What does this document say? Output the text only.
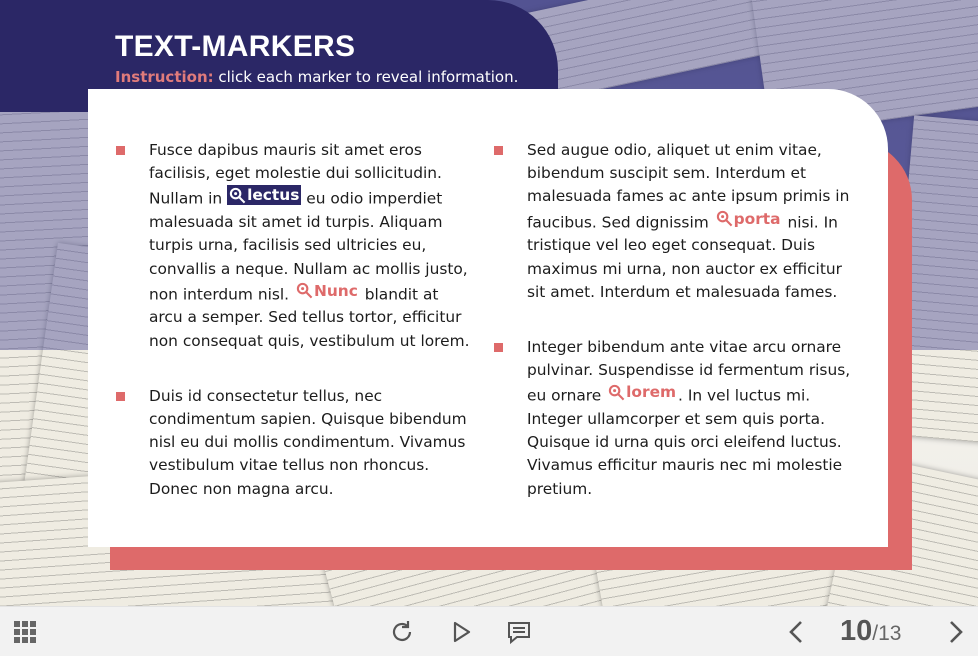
TEXT-MARKERS
Instruction: click each marker to reveal information.

Fusce dapibus mauris sit amet eros facilisis, eget molestie dui sollicitudin. Nullam in lectus eu odio imperdiet malesuada sit amet id turpis. Aliquam turpis urna, facilisis sed ultricies eu, convallis a neque. Nullam ac mollis justo, non interdum nisl. Nunc blandit at arcu a semper. Sed tellus tortor, efficitur non consequat quis, vestibulum ut lorem.

Duis id consectetur tellus, nec condimentum sapien. Quisque bibendum nisl eu dui mollis condimentum. Vivamus vestibulum vitae tellus non rhoncus. Donec non magna arcu.

Sed augue odio, aliquet ut enim vitae, bibendum suscipit sem. Interdum et malesuada fames ac ante ipsum primis in faucibus. Sed dignissim porta nisi. In tristique vel leo eget consequat. Duis maximus mi urna, non auctor ex efficitur sit amet. Interdum et malesuada fames.

Integer bibendum ante vitae arcu ornare pulvinar. Suspendisse id fermentum risus, eu ornare lorem . In vel luctus mi. Integer ullamcorper et sem quis porta. Quisque id urna quis orci eleifend luctus. Vivamus efficitur mauris nec mi molestie pretium.

10/13
